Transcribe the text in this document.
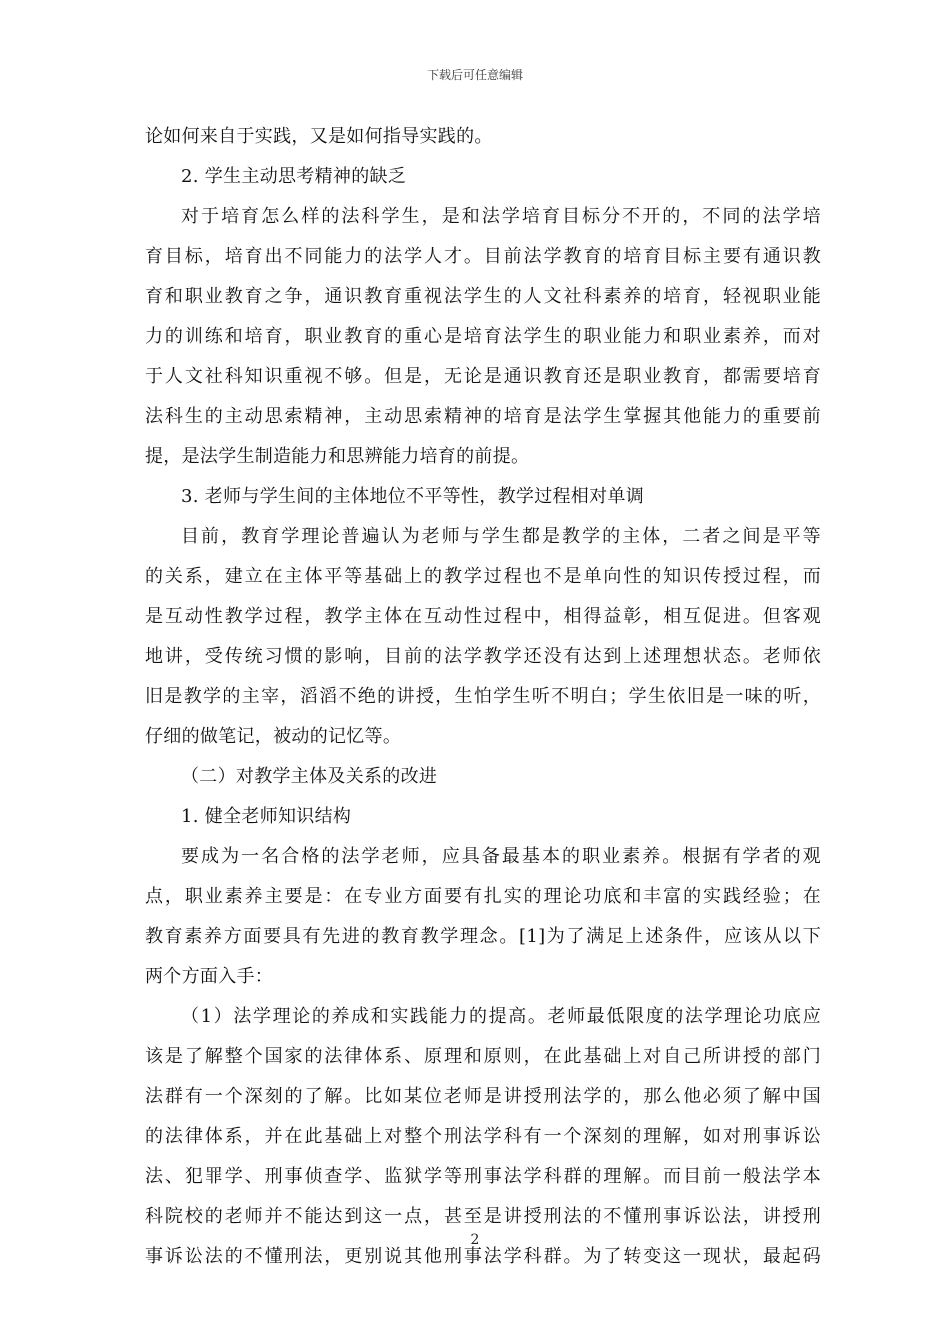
下载后可任意编辑
论如何来自于实践，又是如何指导实践的。
2. 学生主动思考精神的缺乏
对于培育怎么样的法科学生，是和法学培育目标分不开的，不同的法学培
育目标，培育出不同能力的法学人才。目前法学教育的培育目标主要有通识教
育和职业教育之争，通识教育重视法学生的人文社科素养的培育，轻视职业能
力的训练和培育，职业教育的重心是培育法学生的职业能力和职业素养，而对
于人文社科知识重视不够。但是，无论是通识教育还是职业教育，都需要培育
法科生的主动思索精神，主动思索精神的培育是法学生掌握其他能力的重要前
提，是法学生制造能力和思辨能力培育的前提。
3. 老师与学生间的主体地位不平等性，教学过程相对单调
目前，教育学理论普遍认为老师与学生都是教学的主体，二者之间是平等
的关系，建立在主体平等基础上的教学过程也不是单向性的知识传授过程，而
是互动性教学过程，教学主体在互动性过程中，相得益彰，相互促进。但客观
地讲，受传统习惯的影响，目前的法学教学还没有达到上述理想状态。老师依
旧是教学的主宰，滔滔不绝的讲授，生怕学生听不明白；学生依旧是一味的听，
仔细的做笔记，被动的记忆等。
（二）对教学主体及关系的改进
1. 健全老师知识结构
要成为一名合格的法学老师，应具备最基本的职业素养。根据有学者的观
点，职业素养主要是：在专业方面要有扎实的理论功底和丰富的实践经验；在
教育素养方面要具有先进的教育教学理念。[1]为了满足上述条件，应该从以下
两个方面入手：
（1）法学理论的养成和实践能力的提高。老师最低限度的法学理论功底应
该是了解整个国家的法律体系、原理和原则，在此基础上对自己所讲授的部门
法群有一个深刻的了解。比如某位老师是讲授刑法学的，那么他必须了解中国
的法律体系，并在此基础上对整个刑法学科有一个深刻的理解，如对刑事诉讼
法、犯罪学、刑事侦查学、监狱学等刑事法学科群的理解。而目前一般法学本
科院校的老师并不能达到这一点，甚至是讲授刑法的不懂刑事诉讼法，讲授刑
事诉讼法的不懂刑法，更别说其他刑事法学科群。为了转变这一现状，最起码
2
